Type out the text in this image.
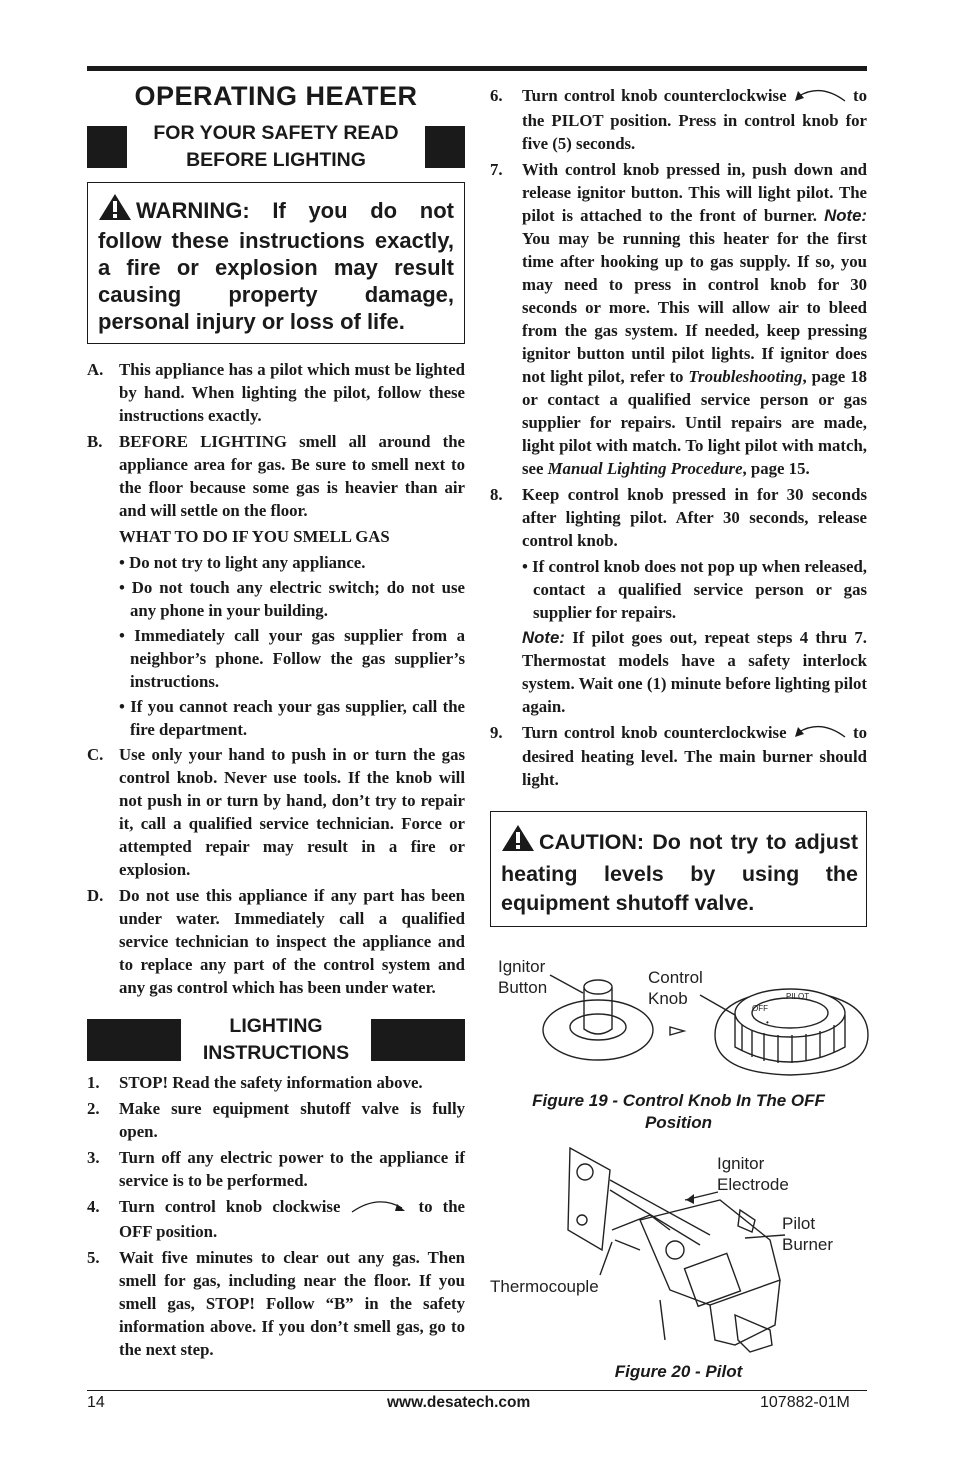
OPERATING HEATER
FOR YOUR SAFETY READ
BEFORE LIGHTING
WARNING: If you do not follow these instructions exactly, a fire or explosion may result causing property damage, personal injury or loss of life.
A. This appliance has a pilot which must be lighted by hand. When lighting the pilot, follow these instructions exactly.
B. BEFORE LIGHTING smell all around the appliance area for gas. Be sure to smell next to the floor because some gas is heavier than air and will settle on the floor.
WHAT TO DO IF YOU SMELL GAS
• Do not try to light any appliance.
• Do not touch any electric switch; do not use any phone in your building.
• Immediately call your gas supplier from a neighbor’s phone. Follow the gas supplier’s instructions.
• If you cannot reach your gas supplier, call the fire department.
C. Use only your hand to push in or turn the gas control knob. Never use tools. If the knob will not push in or turn by hand, don’t try to repair it, call a qualified service technician. Force or attempted repair may result in a fire or explosion.
D. Do not use this appliance if any part has been under water. Immediately call a qualified service technician to inspect the appliance and to replace any part of the control system and any gas control which has been under water.
LIGHTING
INSTRUCTIONS
1.	STOP! Read the safety information above.
2.	Make sure equipment shutoff valve is fully open.
3.	Turn off any electric power to the appliance if service is to be performed.
4.	Turn control knob clockwise	to the OFF position.
5.	Wait five minutes to clear out any gas. Then smell for gas, including near the floor. If you smell gas, STOP! Follow “B” in the safety information above. If you don’t smell gas, go to the next step.
6.	Turn control knob counterclockwise	to the PILOT position. Press in control knob for five (5) seconds.
7.	With control knob pressed in, push down and release ignitor button. This will light pilot. The pilot is attached to the front of burner. Note: You may be running this heater for the first time after hooking up to gas supply. If so, you may need to press in control knob for 30 seconds or more. This will allow air to bleed from the gas system. If needed, keep pressing ignitor button until pilot lights. If ignitor does not light pilot, refer to Troubleshooting, page 18 or contact a qualified service person or gas supplier for repairs. Until repairs are made, light pilot with match. To light pilot with match, see Manual Lighting Procedure, page 15.
8.	Keep control knob pressed in for 30 seconds after lighting pilot. After 30 seconds, release control knob.
• If control knob does not pop up when released, contact a qualified service person or gas supplier for repairs.
Note: If pilot goes out, repeat steps 4 thru 7. Thermostat models have a safety interlock system. Wait one (1) minute before lighting pilot again.
9.	Turn control knob counterclockwise	to desired heating level. The main burner should light.
CAUTION: Do not try to adjust heating levels by using the equipment shutoff valve.
OFF
PILOT
•
Ignitor
Button
Control
Knob
Figure 19 - Control Knob In The OFF
Position
Ignitor
Electrode
Pilot
Burner
Thermocouple
Figure 20 - Pilot
14	www.desatech.com	107882-01M
